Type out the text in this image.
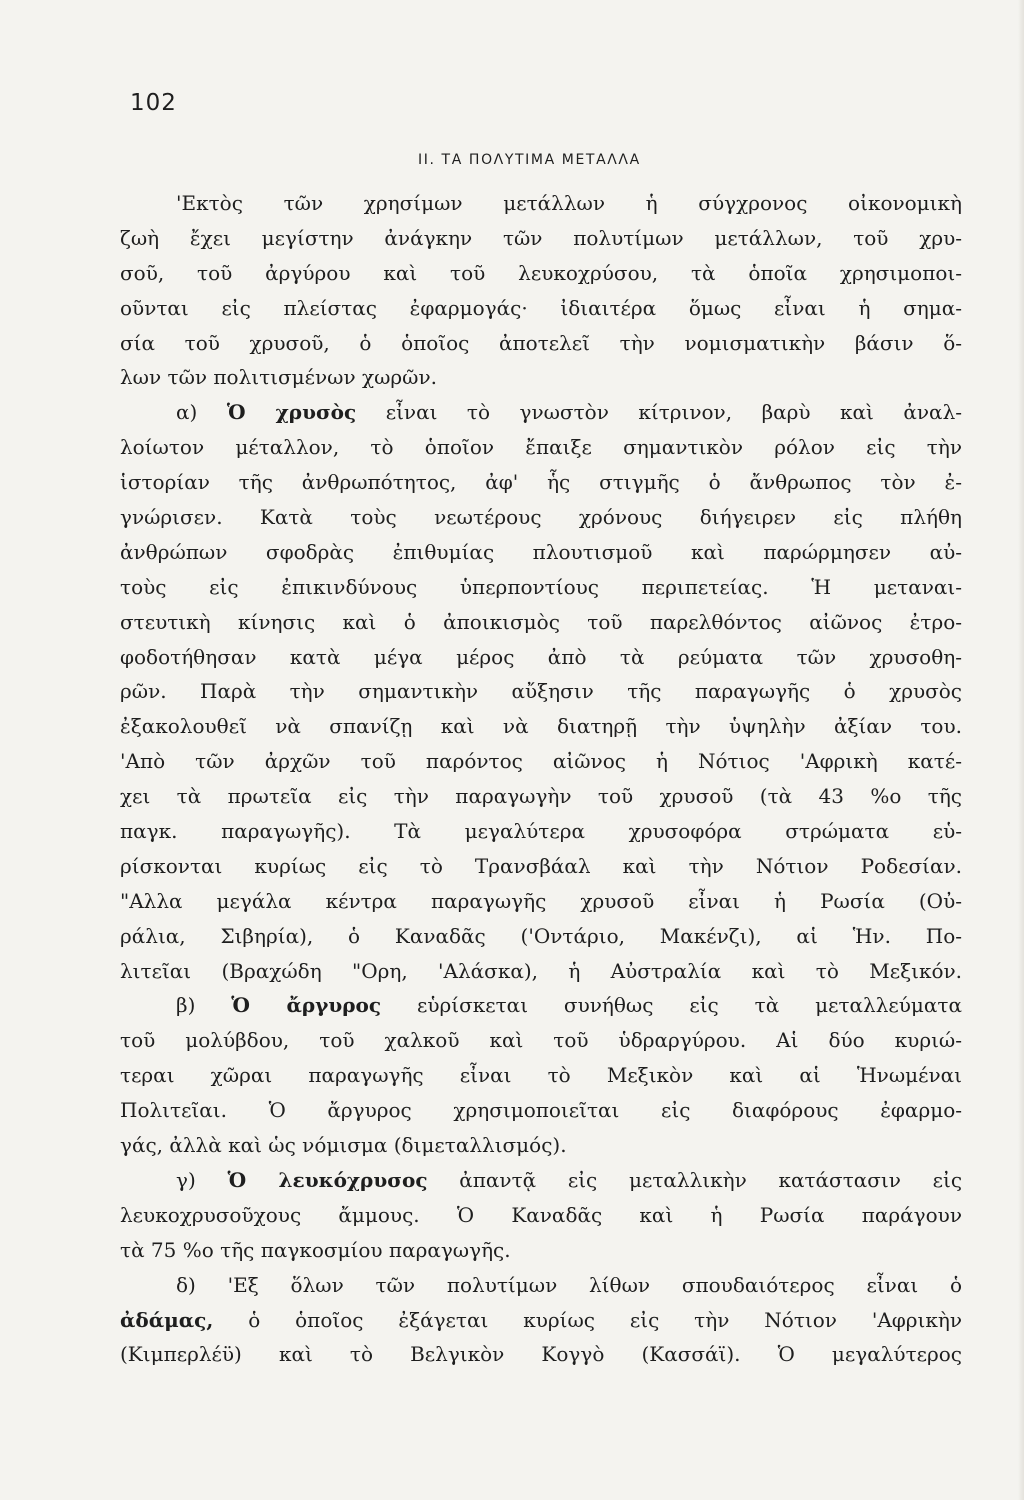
102
II. ΤΑ ΠΟΛΥΤΙΜΑ ΜΕΤΑΛΛΑ
'Εκτὸς τῶν χρησίμων μετάλλων ἡ σύγχρονος οἰκονομικὴ
ζωὴ ἔχει μεγίστην ἀνάγκην τῶν πολυτίμων μετάλλων, τοῦ χρυ-
σοῦ, τοῦ ἀργύρου καὶ τοῦ λευκοχρύσου, τὰ ὁποῖα χρησιμοποι-
οῦνται εἰς πλείστας ἐφαρμογάς· ἰδιαιτέρα ὅμως εἶναι ἡ σημα-
σία τοῦ χρυσοῦ, ὁ ὁποῖος ἀποτελεῖ τὴν νομισματικὴν βάσιν ὅ-
λων τῶν πολιτισμένων χωρῶν.
α) Ὁ χρυσὸς εἶναι τὸ γνωστὸν κίτρινον, βαρὺ καὶ ἀναλ-
λοίωτον μέταλλον, τὸ ὁποῖον ἔπαιξε σημαντικὸν ρόλον εἰς τὴν
ἱστορίαν τῆς ἀνθρωπότητος, ἀφ' ἧς στιγμῆς ὁ ἄνθρωπος τὸν ἐ-
γνώρισεν. Κατὰ τοὺς νεωτέρους χρόνους διήγειρεν εἰς πλήθη
ἀνθρώπων σφοδρὰς ἐπιθυμίας πλουτισμοῦ καὶ παρώρμησεν αὐ-
τοὺς εἰς ἐπικινδύνους ὑπερποντίους περιπετείας. Ἡ μεταναι-
στευτικὴ κίνησις καὶ ὁ ἀποικισμὸς τοῦ παρελθόντος αἰῶνος ἐτρο-
φοδοτήθησαν κατὰ μέγα μέρος ἀπὸ τὰ ρεύματα τῶν χρυσοθη-
ρῶν. Παρὰ τὴν σημαντικὴν αὔξησιν τῆς παραγωγῆς ὁ χρυσὸς
ἐξακολουθεῖ νὰ σπανίζῃ καὶ νὰ διατηρῇ τὴν ὑψηλὴν ἀξίαν του.
'Απὸ τῶν ἀρχῶν τοῦ παρόντος αἰῶνος ἡ Νότιος 'Αφρικὴ κατέ-
χει τὰ πρωτεῖα εἰς τὴν παραγωγὴν τοῦ χρυσοῦ (τὰ 43 %ο τῆς
παγκ. παραγωγῆς). Τὰ μεγαλύτερα χρυσοφόρα στρώματα εὑ-
ρίσκονται κυρίως εἰς τὸ Τρανσβάαλ καὶ τὴν Νότιον Ροδεσίαν.
"Αλλα μεγάλα κέντρα παραγωγῆς χρυσοῦ εἶναι ἡ Ρωσία (Οὐ-
ράλια, Σιβηρία), ὁ Καναδᾶς ('Οντάριο, Μακένζι), αἱ Ἡν. Πο-
λιτεῖαι (Βραχώδη "Ορη, 'Αλάσκα), ἡ Αὐστραλία καὶ τὸ Μεξικόν.
β) Ὁ ἄργυρος εὑρίσκεται συνήθως εἰς τὰ μεταλλεύματα
τοῦ μολύβδου, τοῦ χαλκοῦ καὶ τοῦ ὑδραργύρου. Αἱ δύο κυριώ-
τεραι χῶραι παραγωγῆς εἶναι τὸ Μεξικὸν καὶ αἱ Ἡνωμέναι
Πολιτεῖαι. Ὁ ἄργυρος χρησιμοποιεῖται εἰς διαφόρους ἐφαρμο-
γάς, ἀλλὰ καὶ ὡς νόμισμα (διμεταλλισμός).
γ) Ὁ λευκόχρυσος ἀπαντᾷ εἰς μεταλλικὴν κατάστασιν εἰς
λευκοχρυσοῦχους ἄμμους. Ὁ Καναδᾶς καὶ ἡ Ρωσία παράγουν
τὰ 75 %ο τῆς παγκοσμίου παραγωγῆς.
δ) 'Εξ ὅλων τῶν πολυτίμων λίθων σπουδαιότερος εἶναι ὁ
ἀδάμας, ὁ ὁποῖος ἐξάγεται κυρίως εἰς τὴν Νότιον 'Αφρικὴν
(Κιμπερλέϋ) καὶ τὸ Βελγικὸν Κογγὸ (Κασσάϊ). Ὁ μεγαλύτερος
